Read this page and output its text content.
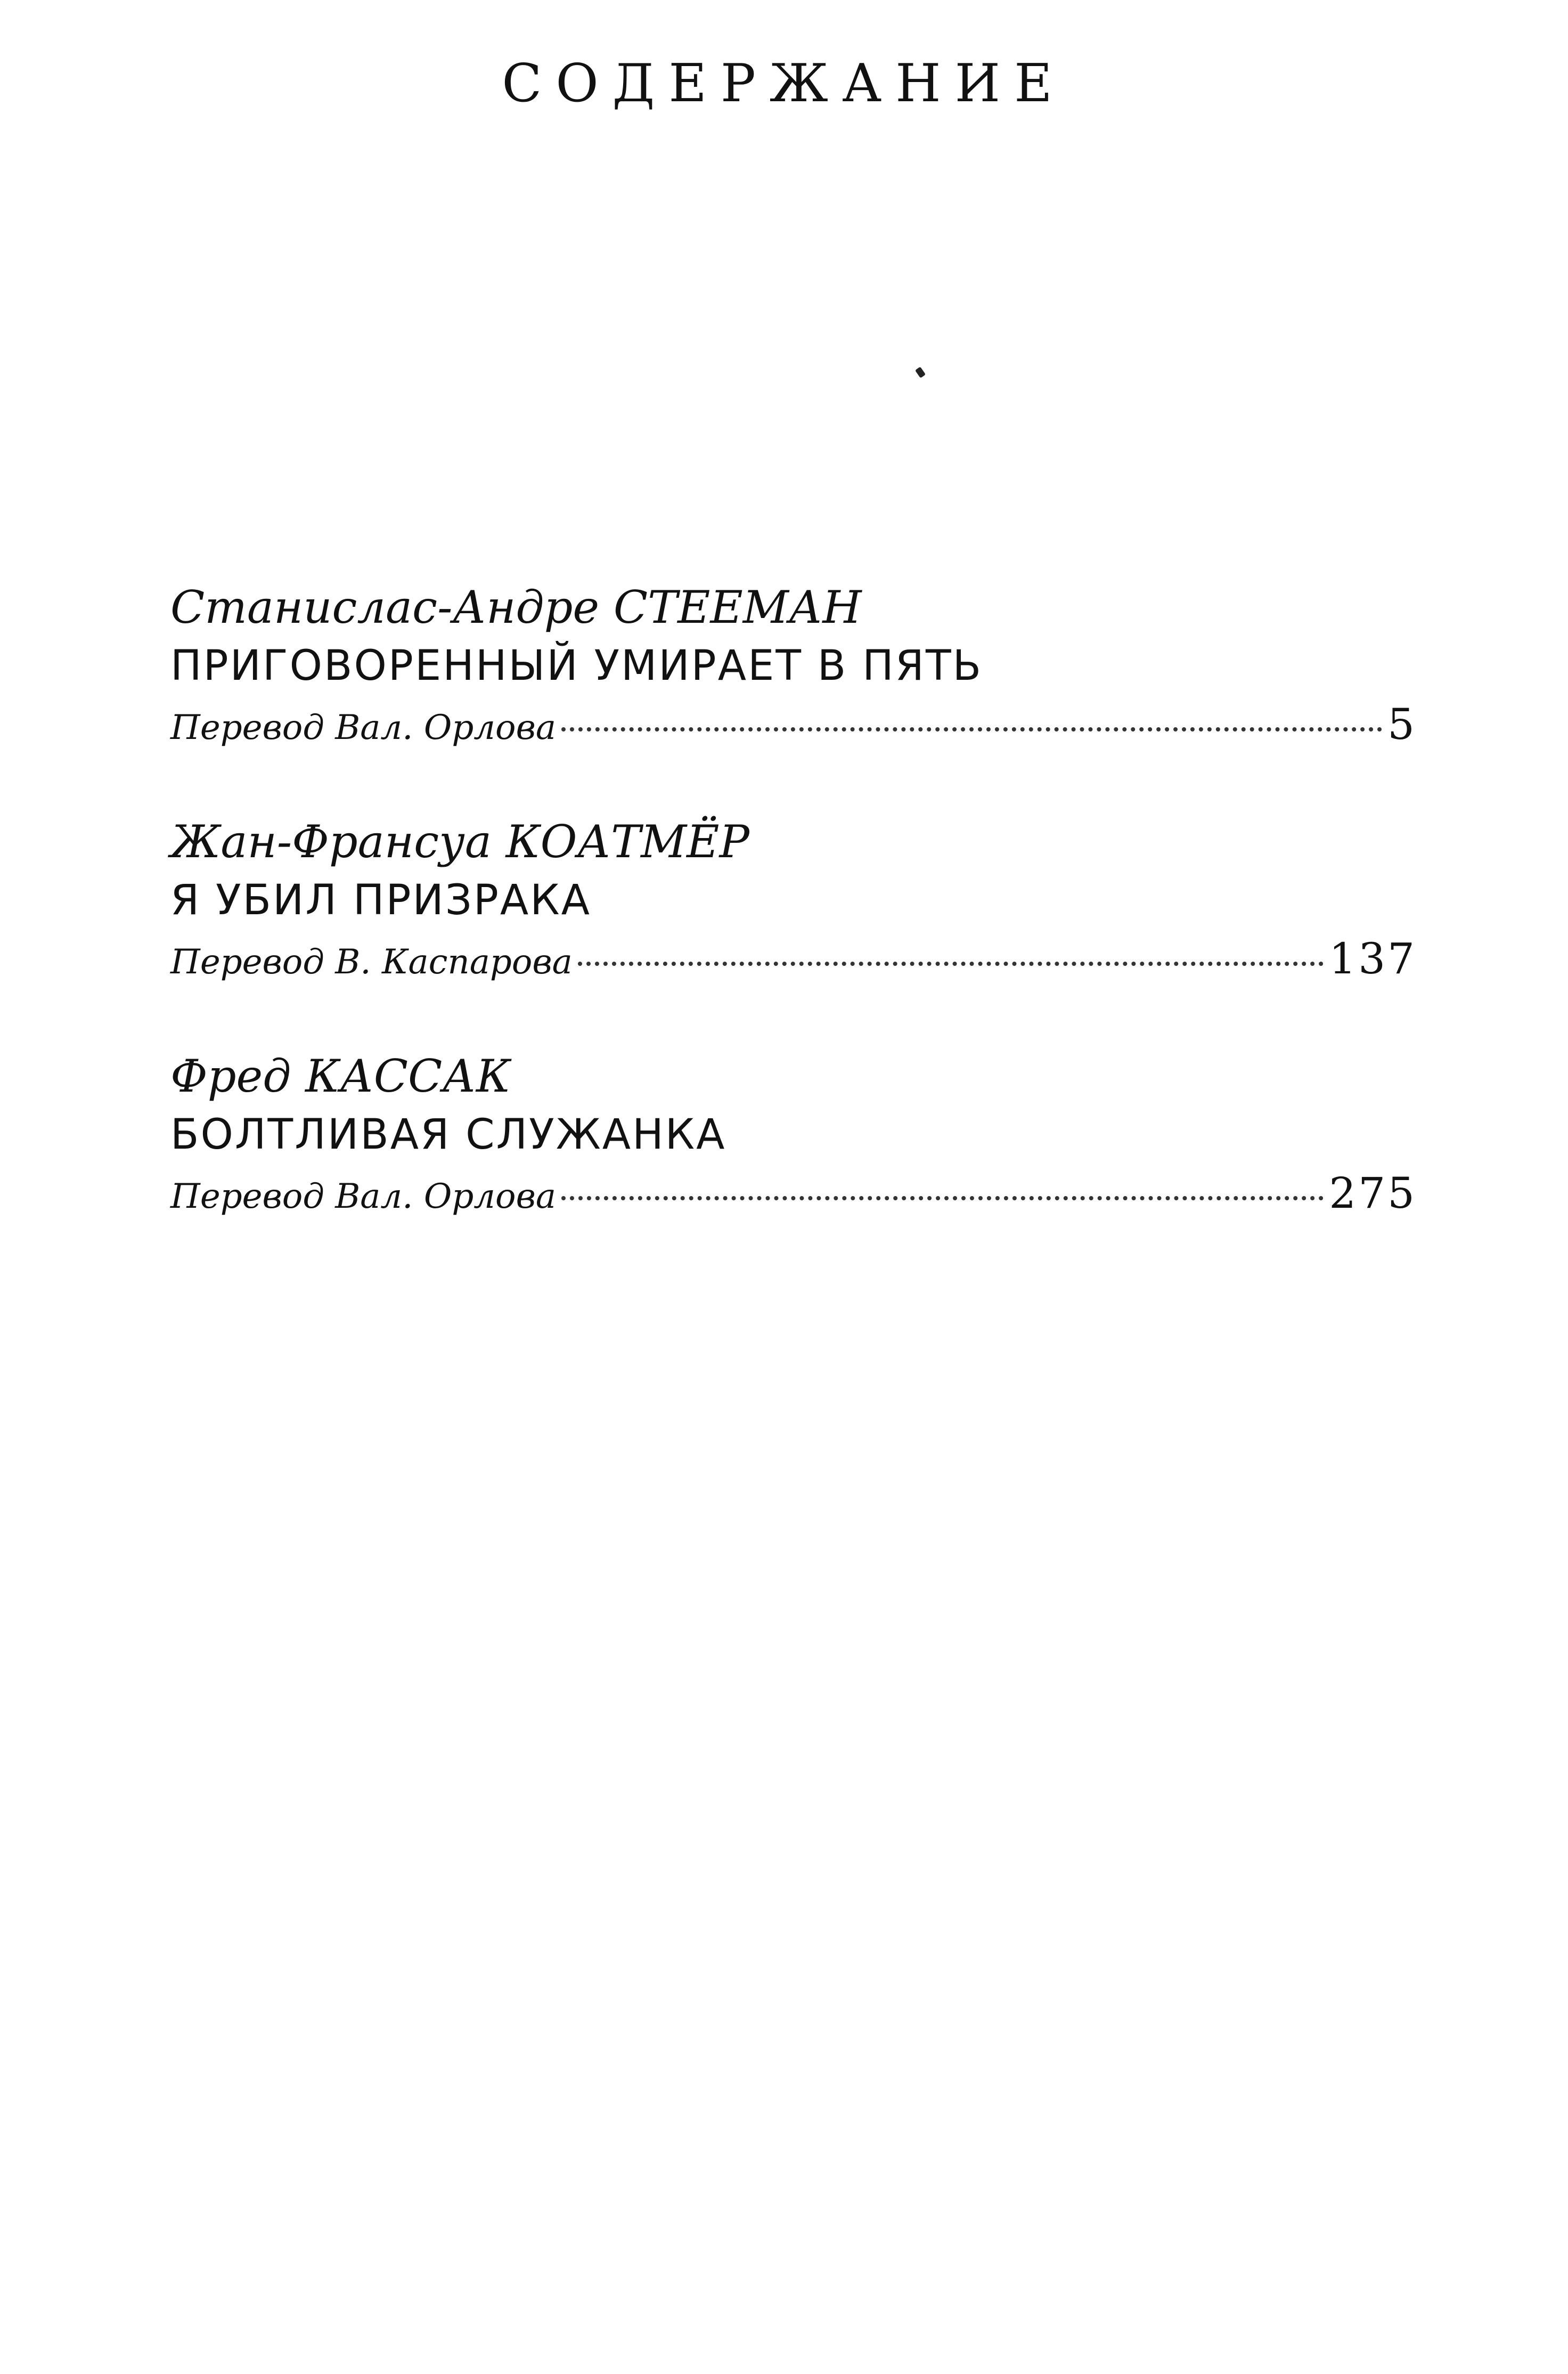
СОДЕРЖАНИЕ
Станислас-Андре СТЕЕМАН
ПРИГОВОРЕННЫЙ УМИРАЕТ В ПЯТЬ
Перевод Вал. Орлова	5
Жан-Франсуа КОАТМЁР
Я УБИЛ ПРИЗРАКА
Перевод В. Каспарова	137
Фред КАССАК
БОЛТЛИВАЯ СЛУЖАНКА
Перевод Вал. Орлова	275
